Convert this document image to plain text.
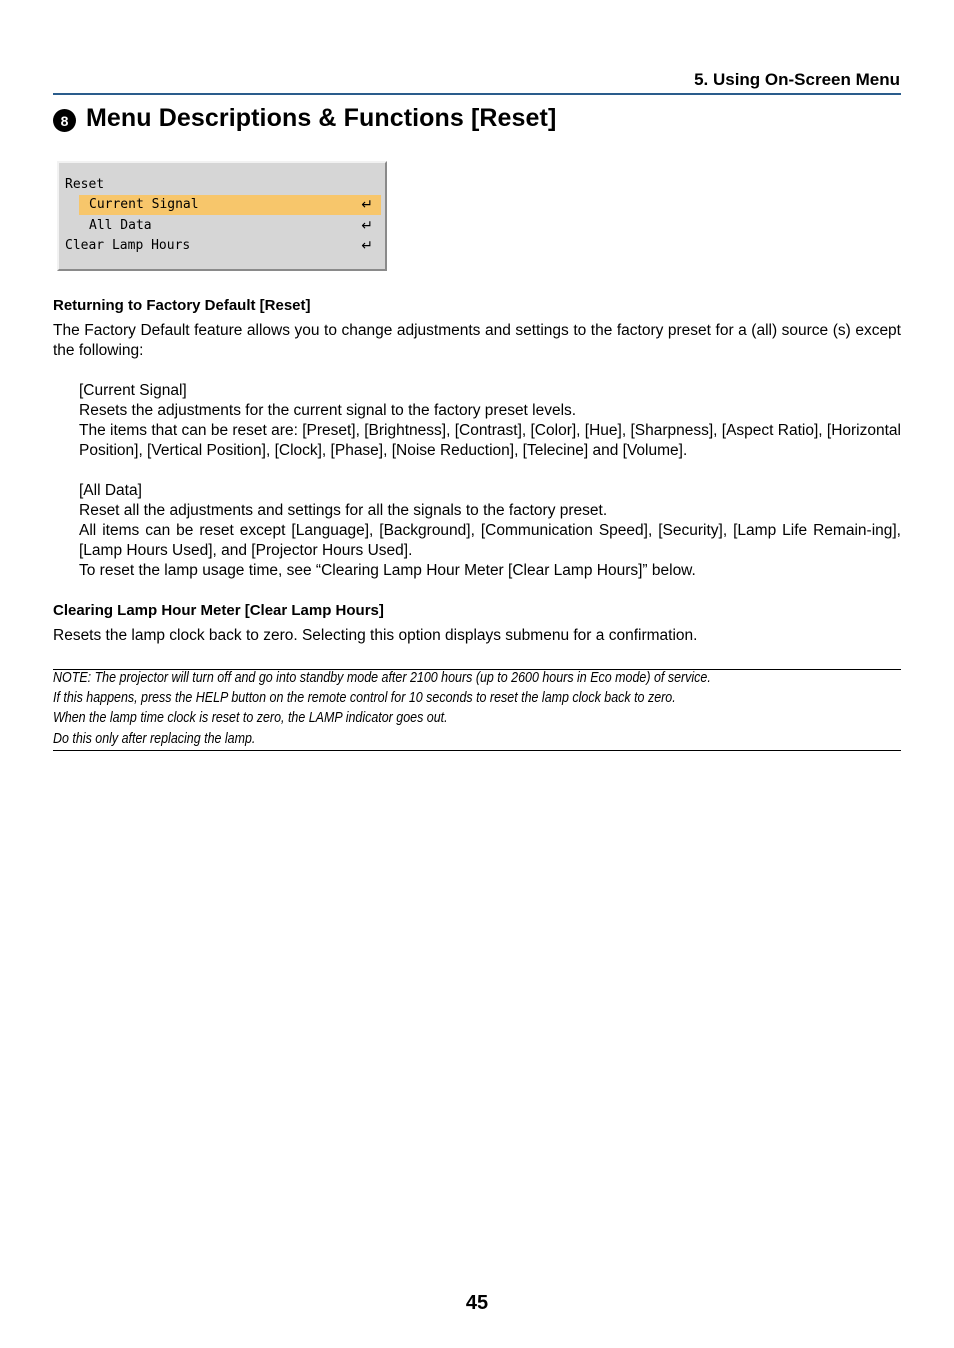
5. Using On-Screen Menu
8 Menu Descriptions & Functions [Reset]
Reset
Current Signal	↵
All Data	↵
Clear Lamp Hours	↵
Returning to Factory Default [Reset]
The Factory Default feature allows you to change adjustments and settings to the factory preset for a (all) source (s) except the following:
[Current Signal]
Resets the adjustments for the current signal to the factory preset levels.
The items that can be reset are: [Preset], [Brightness], [Contrast], [Color], [Hue], [Sharpness], [Aspect Ratio], [Horizontal Position], [Vertical Position], [Clock], [Phase], [Noise Reduction], [Telecine] and [Volume].
[All Data]
Reset all the adjustments and settings for all the signals to the factory preset.
All items can be reset except [Language], [Background], [Communication Speed], [Security], [Lamp Life Remain-ing], [Lamp Hours Used], and [Projector Hours Used].
To reset the lamp usage time, see “Clearing Lamp Hour Meter [Clear Lamp Hours]” below.
Clearing Lamp Hour Meter [Clear Lamp Hours]
Resets the lamp clock back to zero. Selecting this option displays submenu for a confirmation.
NOTE: The projector will turn off and go into standby mode after 2100 hours (up to 2600 hours in Eco mode) of service.
If this happens, press the HELP button on the remote control for 10 seconds to reset the lamp clock back to zero.
When the lamp time clock is reset to zero, the LAMP indicator goes out.
Do this only after replacing the lamp.
45
